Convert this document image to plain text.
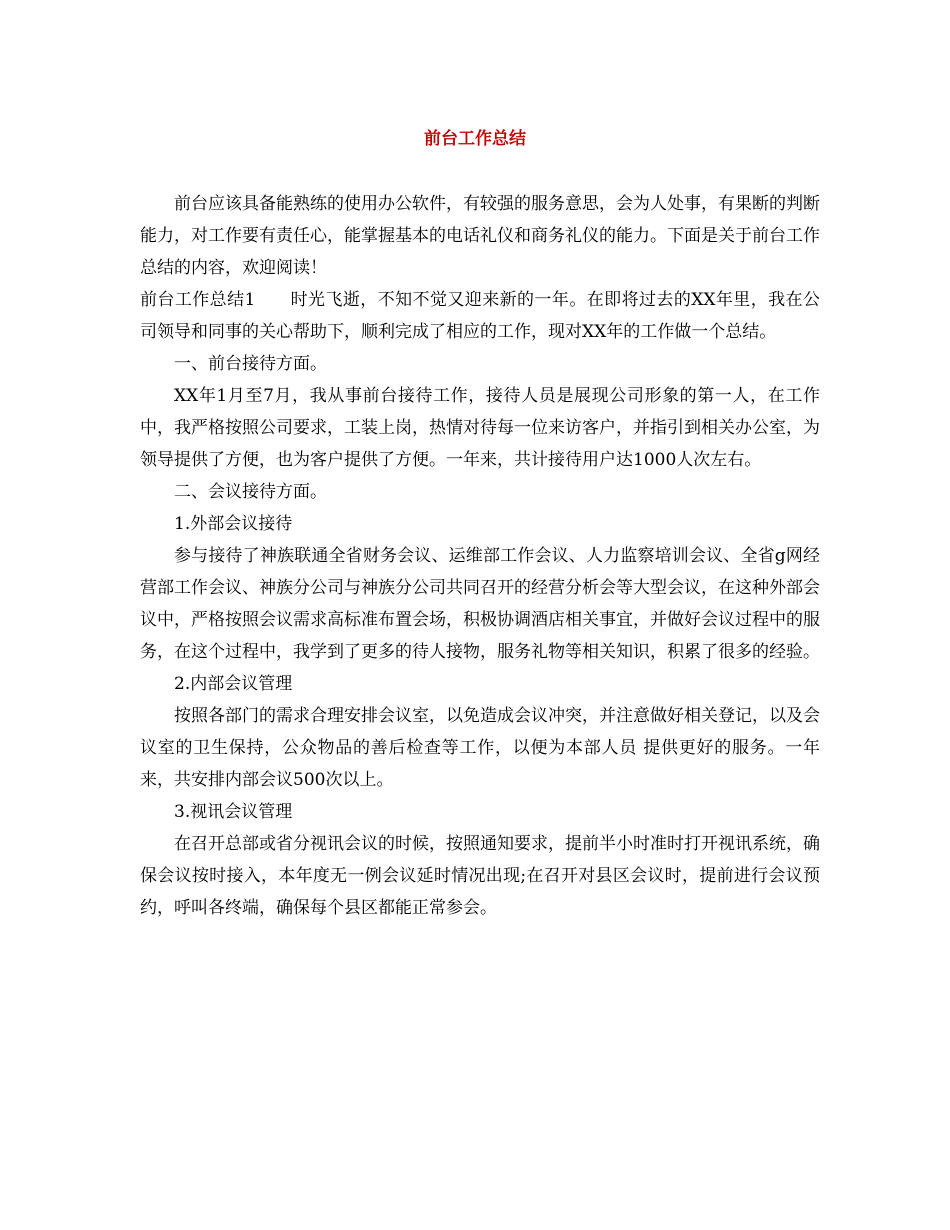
前台工作总结

前台应该具备能熟练的使用办公软件，有较强的服务意思，会为人处事，有果断的判断能力，对工作要有责任心，能掌握基本的电话礼仪和商务礼仪的能力。下面是关于前台工作总结的内容，欢迎阅读！

前台工作总结1　　时光飞逝，不知不觉又迎来新的一年。在即将过去的XX年里，我在公司领导和同事的关心帮助下，顺利完成了相应的工作，现对XX年的工作做一个总结。

一、前台接待方面。

XX年1月至7月，我从事前台接待工作，接待人员是展现公司形象的第一人，在工作中，我严格按照公司要求，工装上岗，热情对待每一位来访客户，并指引到相关办公室，为领导提供了方便，也为客户提供了方便。一年来，共计接待用户达1000人次左右。

二、会议接待方面。

1.外部会议接待

参与接待了神族联通全省财务会议、运维部工作会议、人力监察培训会议、全省g网经营部工作会议、神族分公司与神族分公司共同召开的经营分析会等大型会议，在这种外部会议中，严格按照会议需求高标准布置会场，积极协调酒店相关事宜，并做好会议过程中的服务，在这个过程中，我学到了更多的待人接物，服务礼物等相关知识，积累了很多的经验。

2.内部会议管理

按照各部门的需求合理安排会议室，以免造成会议冲突，并注意做好相关登记，以及会议室的卫生保持，公众物品的善后检查等工作，以便为本部人员 提供更好的服务。一年来，共安排内部会议500次以上。

3.视讯会议管理

在召开总部或省分视讯会议的时候，按照通知要求，提前半小时准时打开视讯系统，确保会议按时接入，本年度无一例会议延时情况出现;在召开对县区会议时，提前进行会议预约，呼叫各终端，确保每个县区都能正常参会。
